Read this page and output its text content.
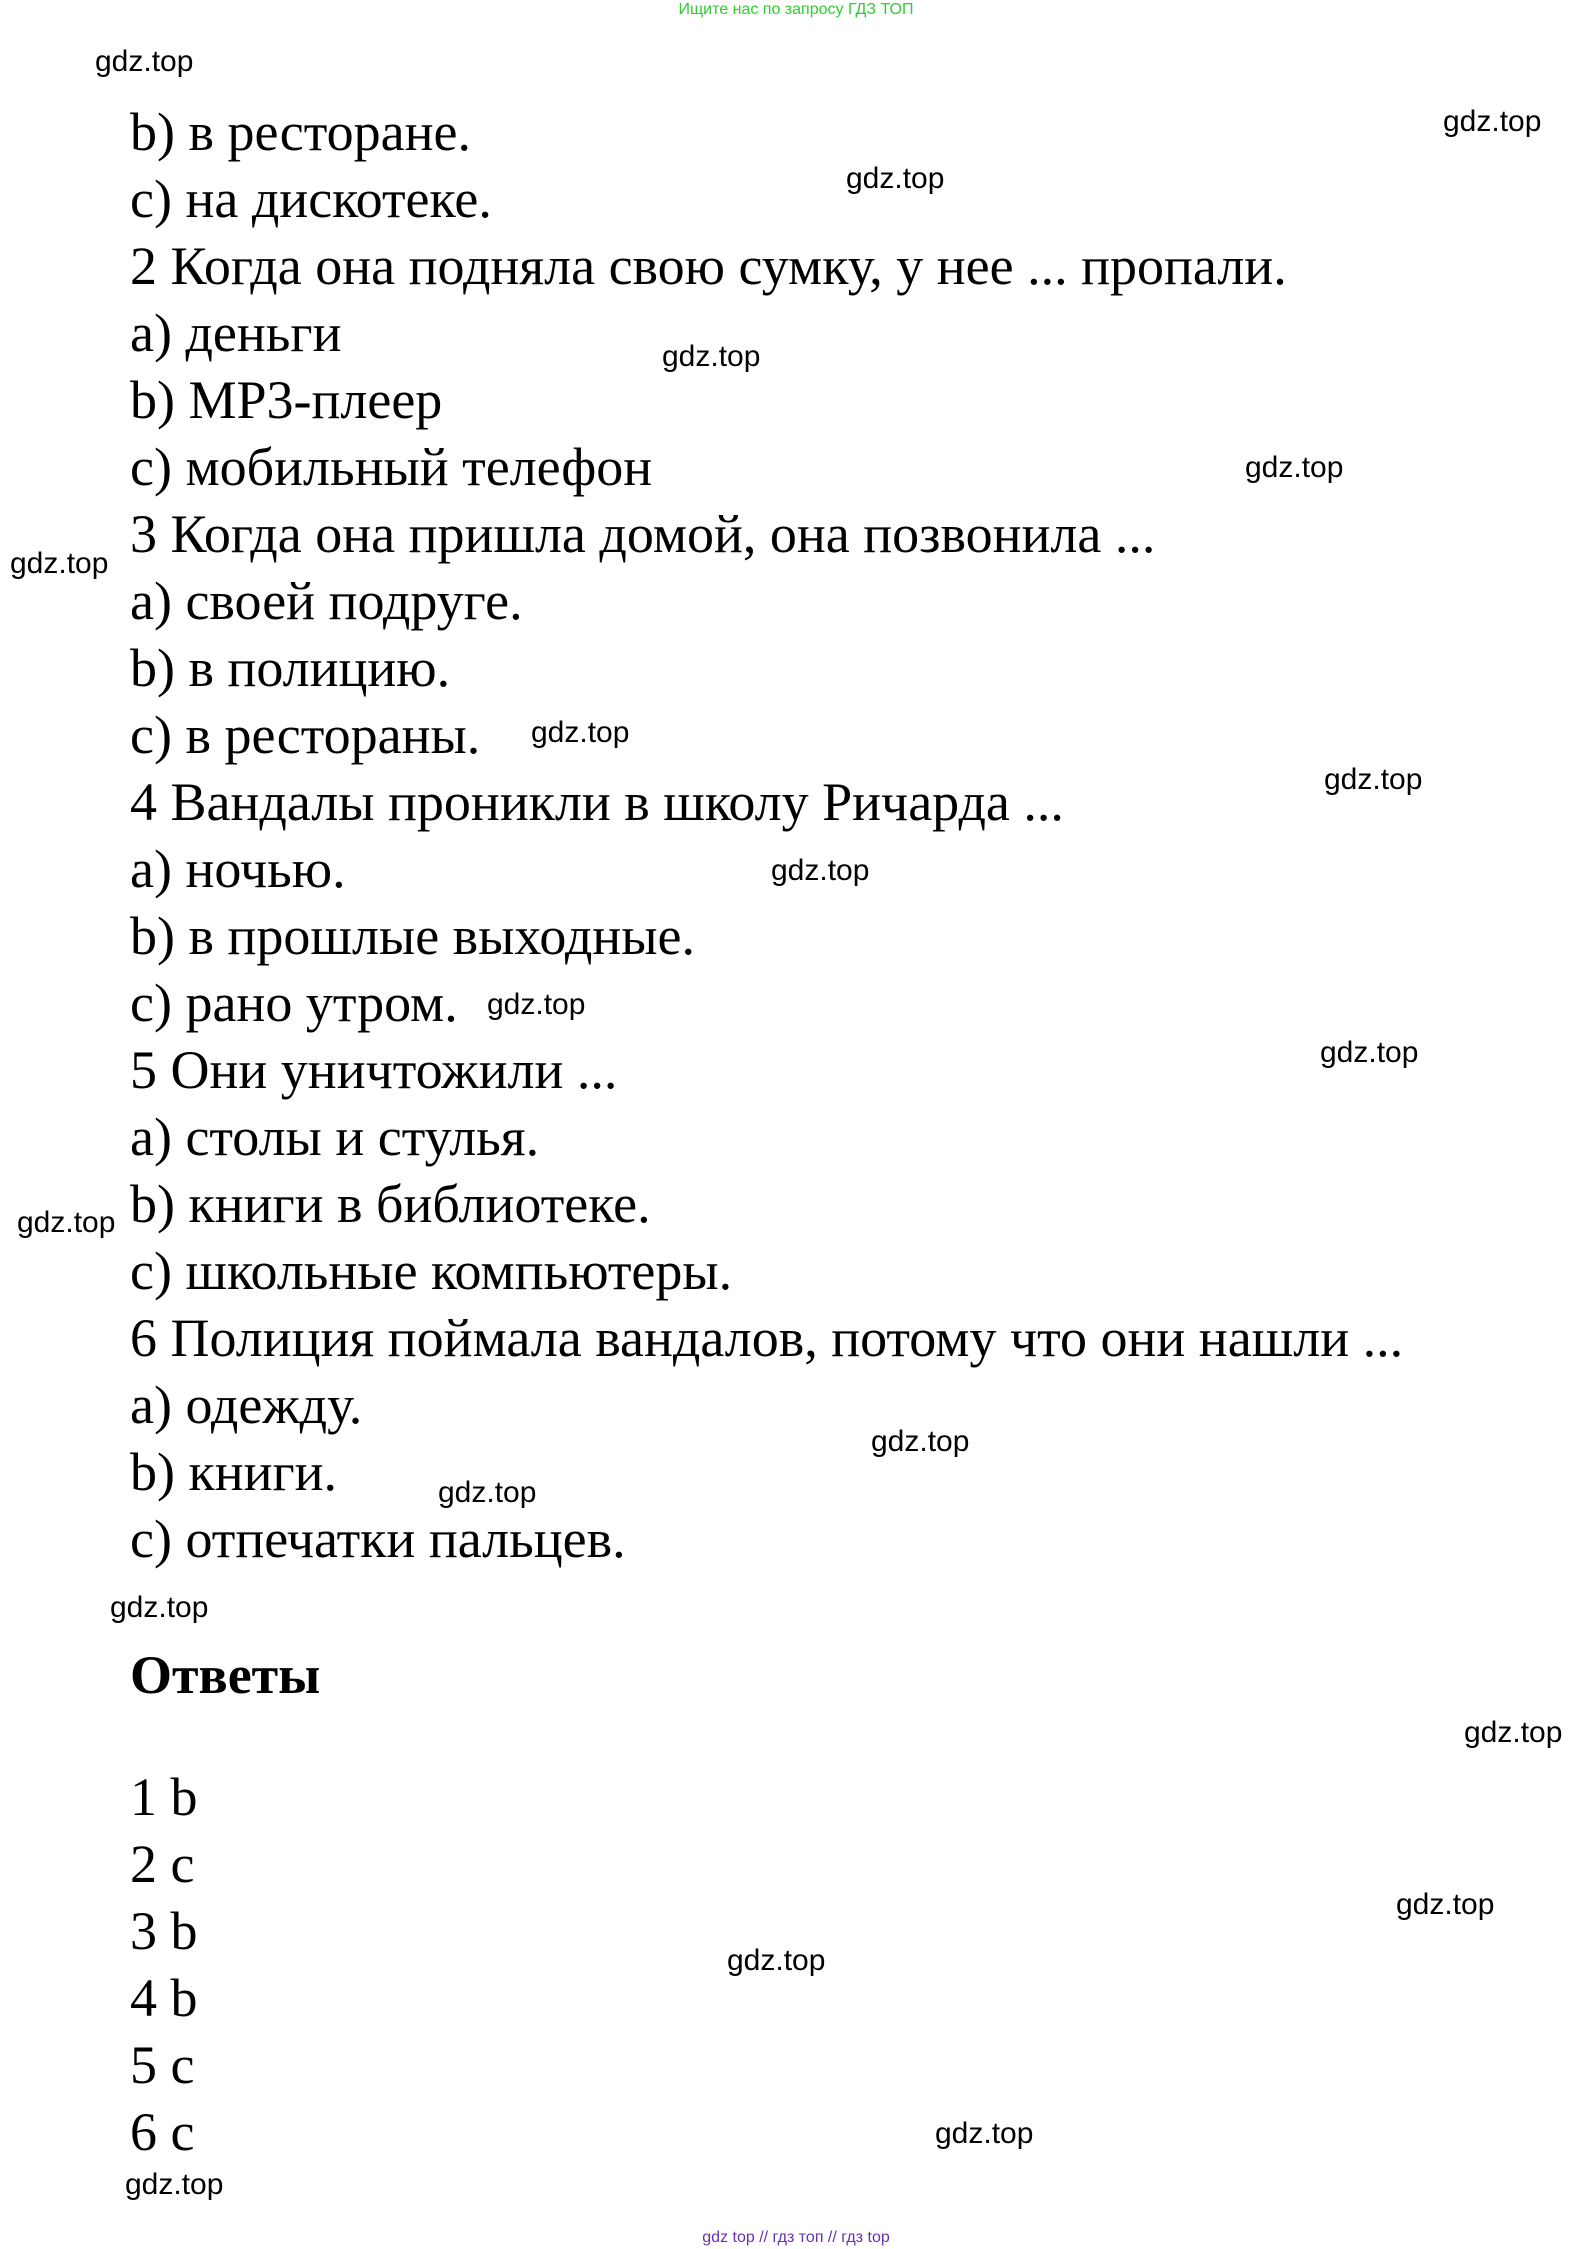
Ищите нас по запросу ГДЗ ТОП
b) в ресторане.
c) на дискотеке.
2 Когда она подняла свою сумку, у нее ... пропали.
a) деньги
b) MP3-плеер
c) мобильный телефон
3 Когда она пришла домой, она позвонила ...
a) своей подруге.
b) в полицию.
c) в рестораны.
4 Вандалы проникли в школу Ричарда ...
a) ночью.
b) в прошлые выходные.
c) рано утром.
5 Они уничтожили ...
a) столы и стулья.
b) книги в библиотеке.
c) школьные компьютеры.
6 Полиция поймала вандалов, потому что они нашли ...
a) одежду.
b) книги.
c) отпечатки пальцев.
Ответы
1 b
2 c
3 b
4 b
5 c
6 c
gdz.top
gdz.top
gdz.top
gdz.top
gdz.top
gdz.top
gdz.top
gdz.top
gdz.top
gdz.top
gdz.top
gdz.top
gdz.top
gdz.top
gdz.top
gdz.top
gdz.top
gdz.top
gdz.top
gdz.top
gdz top // гдз топ // гдз top
